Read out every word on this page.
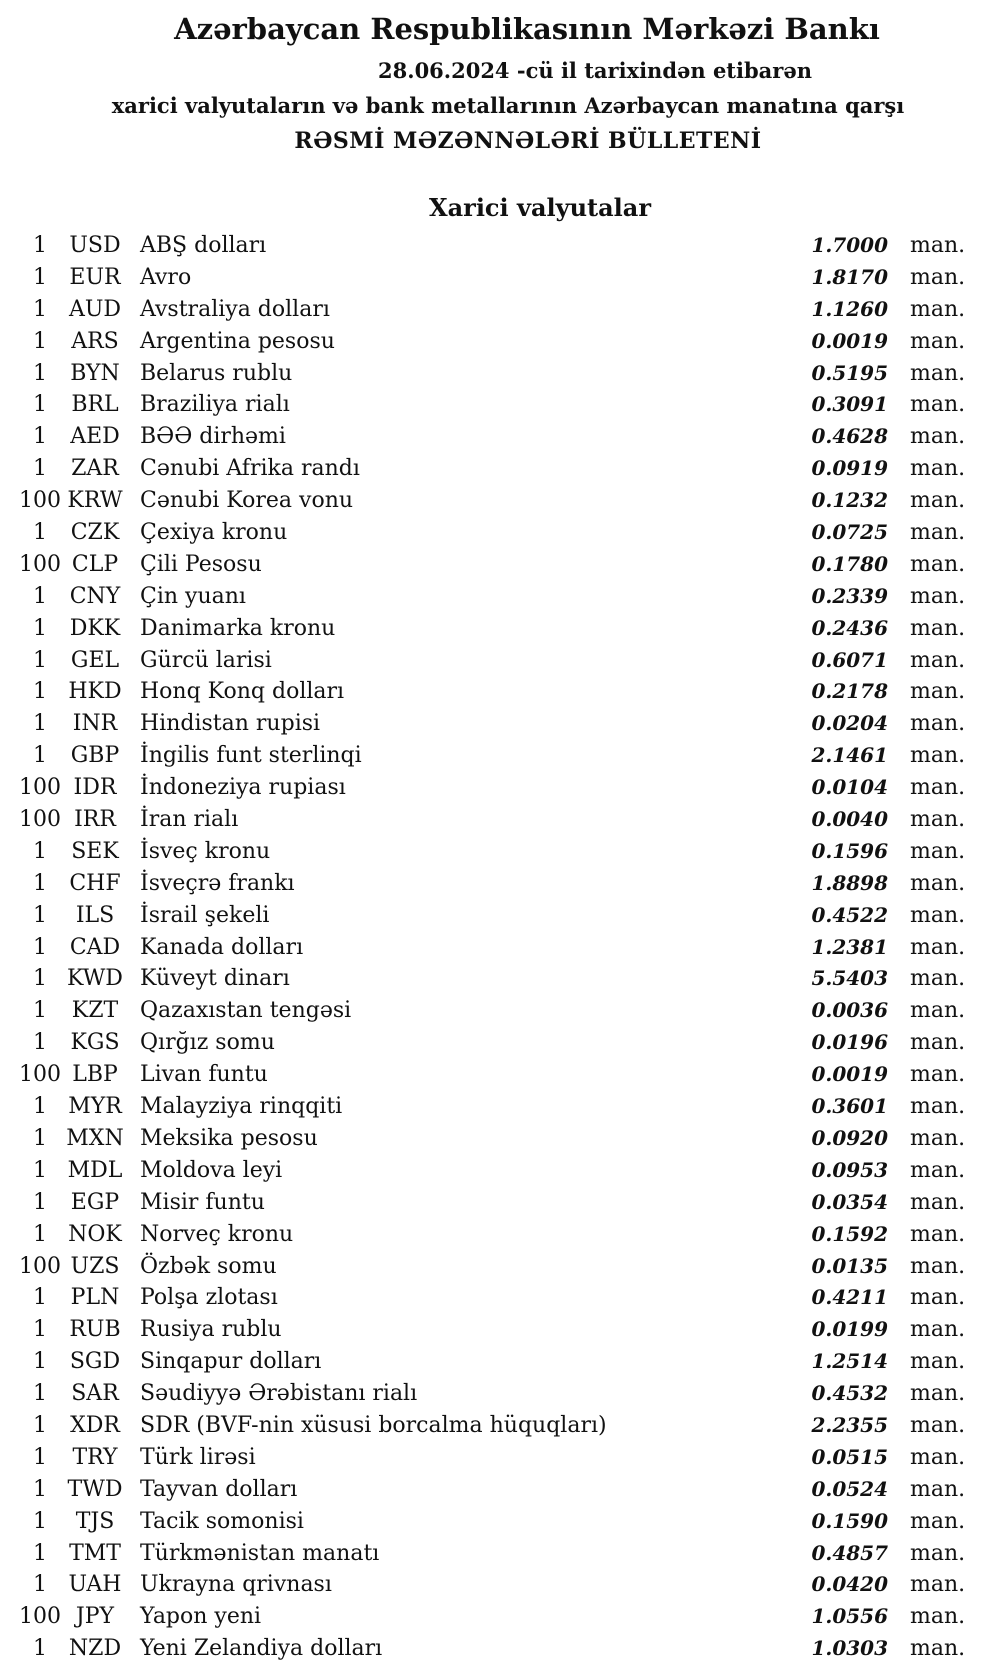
Azərbaycan Respublikasının Mərkəzi Bankı
28.06.2024 -cü il tarixindən etibarən
xarici valyutaların və bank metallarının Azərbaycan manatına qarşı
RƏSMİ MƏZƏNNƏLƏRİ BÜLLETENİ
Xarici valyutalar
1	USD ABŞ dolları	1.7000 man.
1	EUR Avro	1.8170 man.
1 AUD Avstraliya dolları	1.1260 man.
1	ARS Argentina pesosu	0.0019 man.
1	BYN Belarus rublu	0.5195 man.
1	BRL Braziliya rialı	0.3091 man.
1	AED BƏƏ dirhəmi	0.4628 man.
1	ZAR Cənubi Afrika randı	0.0919 man.
100 KRW Cənubi Korea vonu	0.1232 man.
1	CZK Çexiya kronu	0.0725 man.
100 CLP Çili Pesosu	0.1780 man.
1	CNY Çin yuanı	0.2339 man.
1	DKK Danimarka kronu	0.2436 man.
1	GEL Gürcü larisi	0.6071 man.
1 HKD Honq Konq dolları	0.2178 man.
1	INR	Hindistan rupisi	0.0204 man.
1	GBP İngilis funt sterlinqi	2.1461 man.
100 IDR	İndoneziya rupiası	0.0104 man.
100 IRR	İran rialı	0.0040 man.
1	SEK İsveç kronu	0.1596 man.
1	CHF İsveçrə frankı	1.8898 man.
1	ILS	İsrail şekeli	0.4522 man.
1	CAD Kanada dolları	1.2381 man.
1 KWD Küveyt dinarı	5.5403 man.
1	KZT Qazaxıstan tengəsi	0.0036 man.
1	KGS Qırğız somu	0.0196 man.
100 LBP	Livan funtu	0.0019 man.
1 MYR Malayziya rinqqiti	0.3601 man.
1 MXN Meksika pesosu	0.0920 man.
1 MDL Moldova leyi	0.0953 man.
1	EGP Misir funtu	0.0354 man.
1 NOK Norveç kronu	0.1592 man.
100 UZS Özbək somu	0.0135 man.
1	PLN Polşa zlotası	0.4211 man.
1	RUB Rusiya rublu	0.0199 man.
1	SGD Sinqapur dolları	1.2514 man.
1	SAR Səudiyyə Ərəbistanı rialı	0.4532 man.
1	XDR SDR (BVF-nin xüsusi borcalma hüquqları)	2.2355 man.
1	TRY	Türk lirəsi	0.0515 man.
1 TWD Tayvan dolları	0.0524 man.
1	TJS	Tacik somonisi	0.1590 man.
1	TMT Türkmənistan manatı	0.4857 man.
1 UAH Ukrayna qrivnası	0.0420 man.
100 JPY	Yapon yeni	1.0556 man.
1 NZD Yeni Zelandiya dolları	1.0303 man.
